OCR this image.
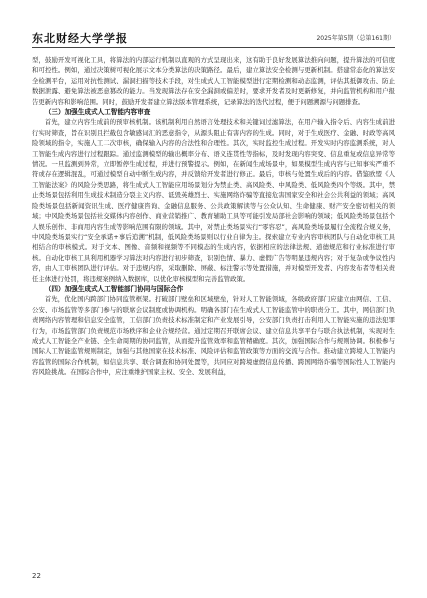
东北财经大学学报	2025年第5期（总第161期）

型，鼓励开发可视化工具，将算法的内部运行机制以直观的方式呈现出来，这有助于良好发展算法推向问题，提升算法的可信度和可控性。例如，通过决策树可视化展示文本分类算法的决策路径。最后，建立算法安全检测与更新机制。搭建常态化的算法安全检测平台，运用对抗性测试、漏洞扫描等技术手段，对生成式人工智能模型进行定期检测和动态监测，评估其抵御攻击、防止数据泄露、避免算法被恶意篡改的能力。当发现算法存在安全漏洞或偏差时，要求开发者及时更新修复，并向监管机构和用户报告更新内容和影响范围。同时，鼓励开发者建立算法版本管理系统，记录算法的迭代过程，便于问题溯源与问题排查。

（三）加强生成式人工智能内容审查

首先，建立内容生成前的预审核机制。该机制利用自然语言处理技术和关键词过滤算法，在用户输入指令后、内容生成前进行实时筛查，旨在识别且拦截包含敏感词汇的恶意指令，从源头阻止有害内容的生成。同时，对于生成医疗、金融、时政等高风险领域的指令，实施人工二次审核，确保输入内容的合法性和合理性。其次，实时监控生成过程。开发实时内容监测系统，对人工智能生成内容进行过程跟踪。通过监测模型的输出概率分布、语义连贯性等指标，及时发现内容突变、信息重复或信息异常等情况。一旦监测到异常，立即暂停生成过程，并进行预警提示。例如，在新闻生成场景中，如果模型生成内容与已知事实严重不符或存在逻辑混乱，可通过模型自动中断生成内容，并反馈给开发者进行修正。最后，审核与处置生成后的内容。借鉴欧盟《人工智能法案》的风险分类思路，将生成式人工智能应用场景划分为禁止类、高风险类、中风险类、低风险类四个等级。其中，禁止类场景包括利用生成技术制造分裂主义内容、诋毁英雄烈士、实施网络诈骗等直接危害国家安全和社会公共利益的领域；高风险类场景包括新闻资讯生成、医疗健康咨询、金融信息服务、公共政策解读等与公众认知、生命健康、财产安全密切相关的领域；中风险类场景包括社交媒体内容创作、商业营销推广、教育辅助工具等可能引发局部社会影响的领域；低风险类场景包括个人娱乐创作、非商用内容生成等影响范围有限的领域。其中，对禁止类场景实行“零容忍”，高风险类场景履行全流程合规义务，中风险类场景实行“安全承诺+事后追溯”机制，低风险类场景则以行业自律为主。探索建立专业内容审核团队与自动化审核工具相结合的审核模式。对于文本、图像、音频和视频等不同模态的生成内容，依据相应的法律法规、道德规范和行业标准进行审核。自动化审核工具利用机器学习算法对内容进行初步筛查，识别色情、暴力、虚假广告等明显违规内容；对于复杂或争议性内容，由人工审核团队进行评估。对于违规内容，采取删除、屏蔽、标注警示等处置措施，并对模型开发者、内容发布者等相关责任主体进行处罚，将违规案例纳入数据库，以优化审核模型和完善监管政策。

（四）加强生成式人工智能部门协同与国际合作

首先，优化国内跨部门协同监管框架。打破部门壁垒和区域壁垒，针对人工智能领域，各级政府部门应建立由网信、工信、公安、市场监管等多部门参与的联席会议制度或协调机构。明确各部门在生成式人工智能监管中的职责分工。其中，网信部门负责网络内容管理和信息安全监管，工信部门负责技术标准制定和产业发展引导，公安部门负责打击利用人工智能实施的违法犯罪行为，市场监管部门负责规范市场秩序和企业合规经营。通过定期召开联席会议、建立信息共享平台与联合执法机制，实现对生成式人工智能全产业链、全生命周期的协同监管，从而提升监管效率和监管精确度。其次，加强国际合作与规则协调。积极参与国际人工智能监管规则制定，加强与其他国家在技术标准、风险评估和监管政策等方面的交流与合作。推动建立跨境人工智能内容监管的国际合作机制，如信息共享、联合调查和协同处置等，共同应对跨境虚假信息传播、跨国网络诈骗等国际性人工智能内容风险挑战。在国际合作中，应注重维护国家主权、安全、发展利益，

22
